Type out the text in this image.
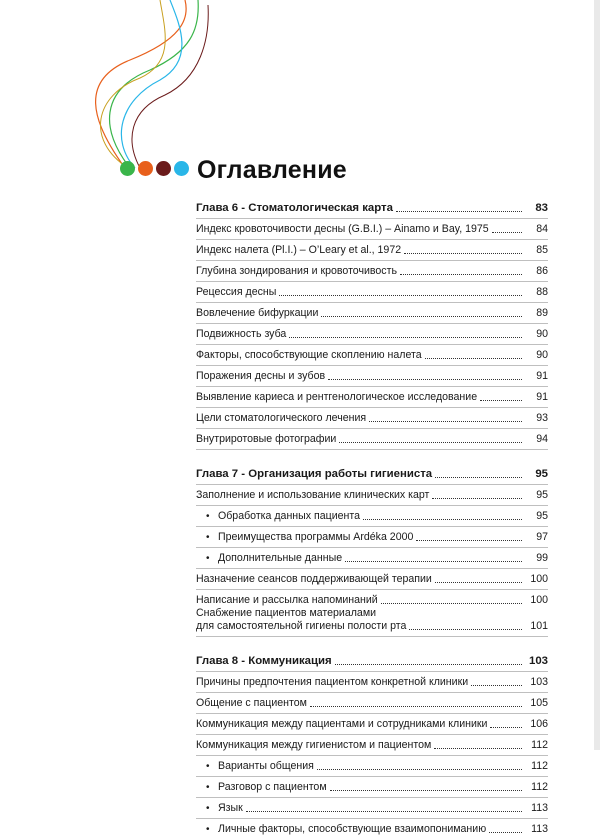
Оглавление
Глава 6 - Стоматологическая карта	83
Индекс кровоточивости десны (G.B.I.) – Ainamo и Bay, 1975	84
Индекс налета (Pl.I.) – O’Leary et al., 1972	85
Глубина зондирования и кровоточивость	86
Рецессия десны	88
Вовлечение бифуркации	89
Подвижность зуба	90
Факторы, способствующие скоплению налета	90
Поражения десны и зубов	91
Выявление кариеса и рентгенологическое исследование	91
Цели стоматологического лечения	93
Внутриротовые фотографии	94
Глава 7 - Организация работы гигиениста	95
Заполнение и использование клинических карт	95
• Обработка данных пациента	95
• Преимущества программы Ardéka 2000	97
• Дополнительные данные	99
Назначение сеансов поддерживающей терапии	100
Написание и рассылка напоминаний	100
Снабжение пациентов материалами
для самостоятельной гигиены полости рта	101
Глава 8 - Коммуникация	103
Причины предпочтения пациентом конкретной клиники	103
Общение с пациентом	105
Коммуникация между пациентами и сотрудниками клиники	106
Коммуникация между гигиенистом и пациентом	112
• Варианты общения	112
• Разговор с пациентом	112
• Язык	113
• Личные факторы, способствующие взаимопониманию	113
